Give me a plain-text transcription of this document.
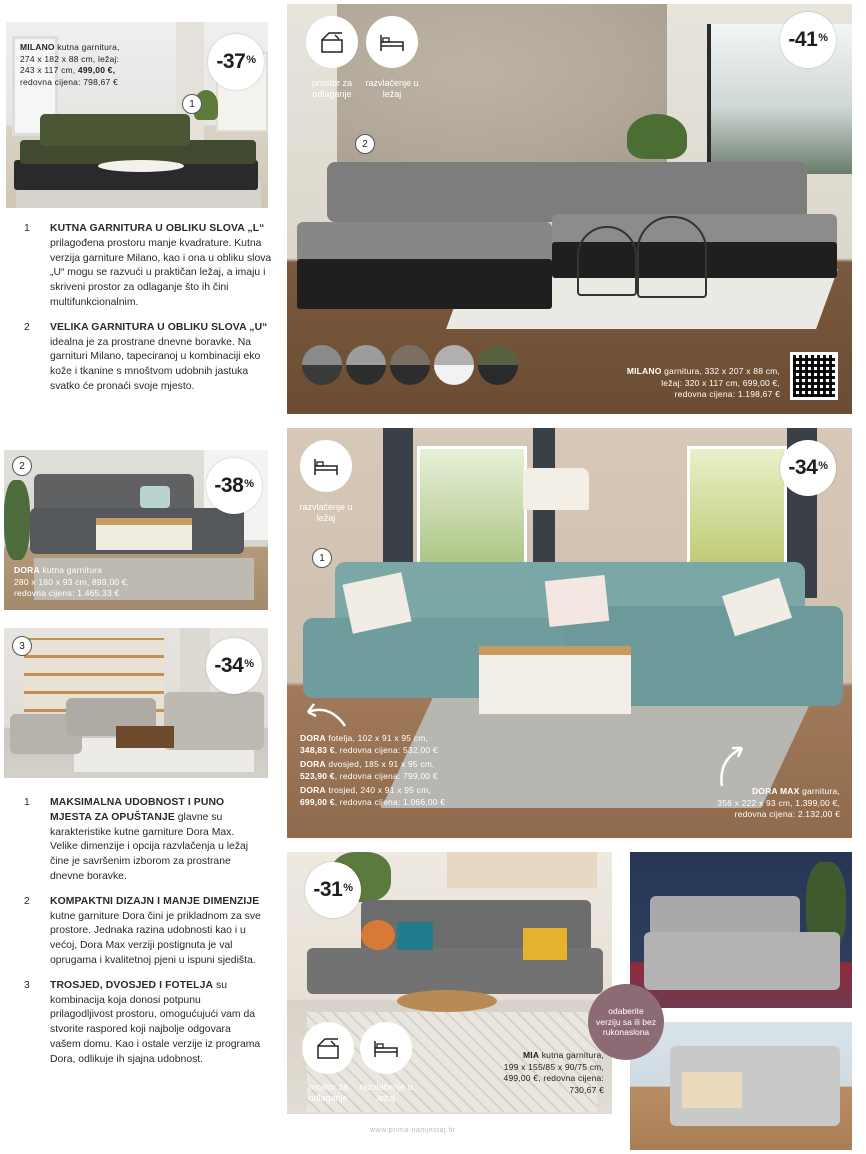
MILANO kutna garnitura,
274 x 182 x 88 cm, ležaj:
243 x 117 cm, 499,00 €,
redovna cijena: 798,67 €
-37 %
1
1	KUTNA GARNITURA U OBLIKU SLOVA „L“ prilagođena prostoru manje kvadrature. Kutna verzija garniture Milano, kao i ona u obliku slova „U“ mogu se razvući u praktičan ležaj, a imaju i skriveni prostor za odlaganje što ih čini multifunkcionalnim.
2	VELIKA GARNITURA U OBLIKU SLOVA „U“ idealna je za prostrane dnevne boravke. Na garnituri Milano, tapeciranoj u kombinaciji eko kože i tkanine s mnoštvom udobnih jastuka svatko će pronaći svoje mjesto.
prostor za odlaganje
razvlačenje u ležaj
2
-41 %
MILANO garnitura, 332 x 207 x 88 cm,
ležaj: 320 x 117 cm, 699,00 €,
redovna cijena: 1.198,67 €
2
-38 %
DORA kutna garnitura
280 x 180 x 93 cm, 899,00 €,
redovna cijena: 1.465,33 €
3
-34 %
razvlačenje u ležaj
1
-34 %
DORA fotelja, 102 x 91 x 95 cm,
348,83 €, redovna cijena: 532,00 €
DORA dvosjed, 185 x 91 x 95 cm,
523,90 €, redovna cijena: 799,00 €
DORA trosjed, 240 x 91 x 95 cm,
699,00 €, redovna cijena: 1.066,00 €
DORA MAX garnitura,
356 x 222 x 93 cm, 1.399,00 €,
redovna cijena: 2.132,00 €
1	MAKSIMALNA UDOBNOST I PUNO MJESTA ZA OPUŠTANJE glavne su karakteristike kutne garniture Dora Max. Velike dimenzije i opcija razvlačenja u ležaj čine je savršenim izborom za prostrane dnevne boravke.
2	KOMPAKTNI DIZAJN I MANJE DIMENZIJE kutne garniture Dora čini je prikladnom za sve prostore. Jednaka razina udobnosti kao i u većoj, Dora Max verziji postignuta je val oprugama i kvalitetnoj pjeni u ispuni sjedišta.
3	TROSJED, DVOSJED I FOTELJA su kombinacija koja donosi potpunu prilagodljivost prostoru, omogućujući vam da stvorite raspored koji najbolje odgovara vašem domu. Kao i ostale verzije iz programa Dora, odlikuje ih sjajna udobnost.
-31 %
prostor za odlaganje
razvlačenje u ležaj
MIA kutna garnitura,
199 x 155/85 x 90/75 cm,
499,00 €, redovna cijena:
730,67 €
odaberite verziju sa ili bez rukonaslona
www.prima-namjestaj.hr
